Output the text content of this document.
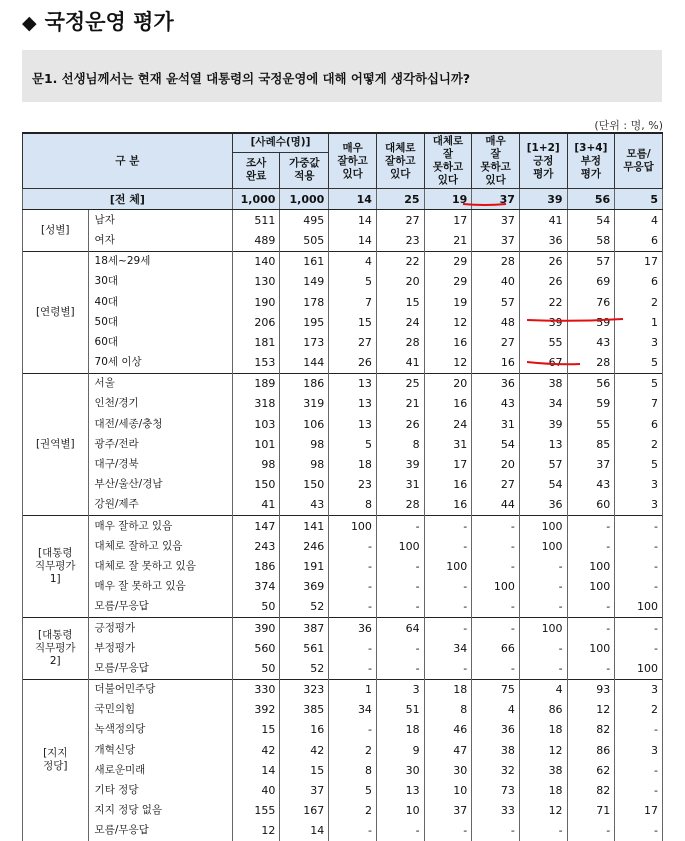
◆ 국정운영 평가
문1. 선생님께서는 현재 윤석열 대통령의 국정운영에 대해 어떻게 생각하십니까?
(단위 : 명, %)
구 분		[사례수(명)]		매우
잘하고
있다	대체로
잘하고
있다	대체로
잘
못하고
있다	매우
잘
못하고
있다	[1+2]
긍정
평가	[3+4]
부정
평가	모름/
무응답
		조사
완료	가중값
적용							
[전 체]		1,000	1,000	14	25	19	37	39	56	5
[성별]	남자	511	495	14	27	17	37	41	54	4
	여자	489	505	14	23	21	37	36	58	6
[연령별]	18세~29세	140	161	4	22	29	28	26	57	17
	30대	130	149	5	20	29	40	26	69	6
	40대	190	178	7	15	19	57	22	76	2
	50대	206	195	15	24	12	48	39	59	1
	60대	181	173	27	28	16	27	55	43	3
	70세 이상	153	144	26	41	12	16	67	28	5
[권역별]	서울	189	186	13	25	20	36	38	56	5
	인천/경기	318	319	13	21	16	43	34	59	7
	대전/세종/충청	103	106	13	26	24	31	39	55	6
	광주/전라	101	98	5	8	31	54	13	85	2
	대구/경북	98	98	18	39	17	20	57	37	5
	부산/울산/경남	150	150	23	31	16	27	54	43	3
	강원/제주	41	43	8	28	16	44	36	60	3
[대통령
직무평가
1]	매우 잘하고 있음	147	141	100	-	-	-	100	-	-
	대체로 잘하고 있음	243	246	-	100	-	-	100	-	-
	대체로 잘 못하고 있음	186	191	-	-	100	-	-	100	-
	매우 잘 못하고 있음	374	369	-	-	-	100	-	100	-
	모름/무응답	50	52	-	-	-	-	-	-	100
[대통령
직무평가
2]	긍정평가	390	387	36	64	-	-	100	-	-
	부정평가	560	561	-	-	34	66	-	100	-
	모름/무응답	50	52	-	-	-	-	-	-	100
[지지
정당]	더불어민주당	330	323	1	3	18	75	4	93	3
	국민의힘	392	385	34	51	8	4	86	12	2
	녹색정의당	15	16	-	18	46	36	18	82	-
	개혁신당	42	42	2	9	47	38	12	86	3
	새로운미래	14	15	8	30	30	32	38	62	-
	기타 정당	40	37	5	13	10	73	18	82	-
	지지 정당 없음	155	167	2	10	37	33	12	71	17
	모름/무응답	12	14	-	-	-	-	-	-	-
